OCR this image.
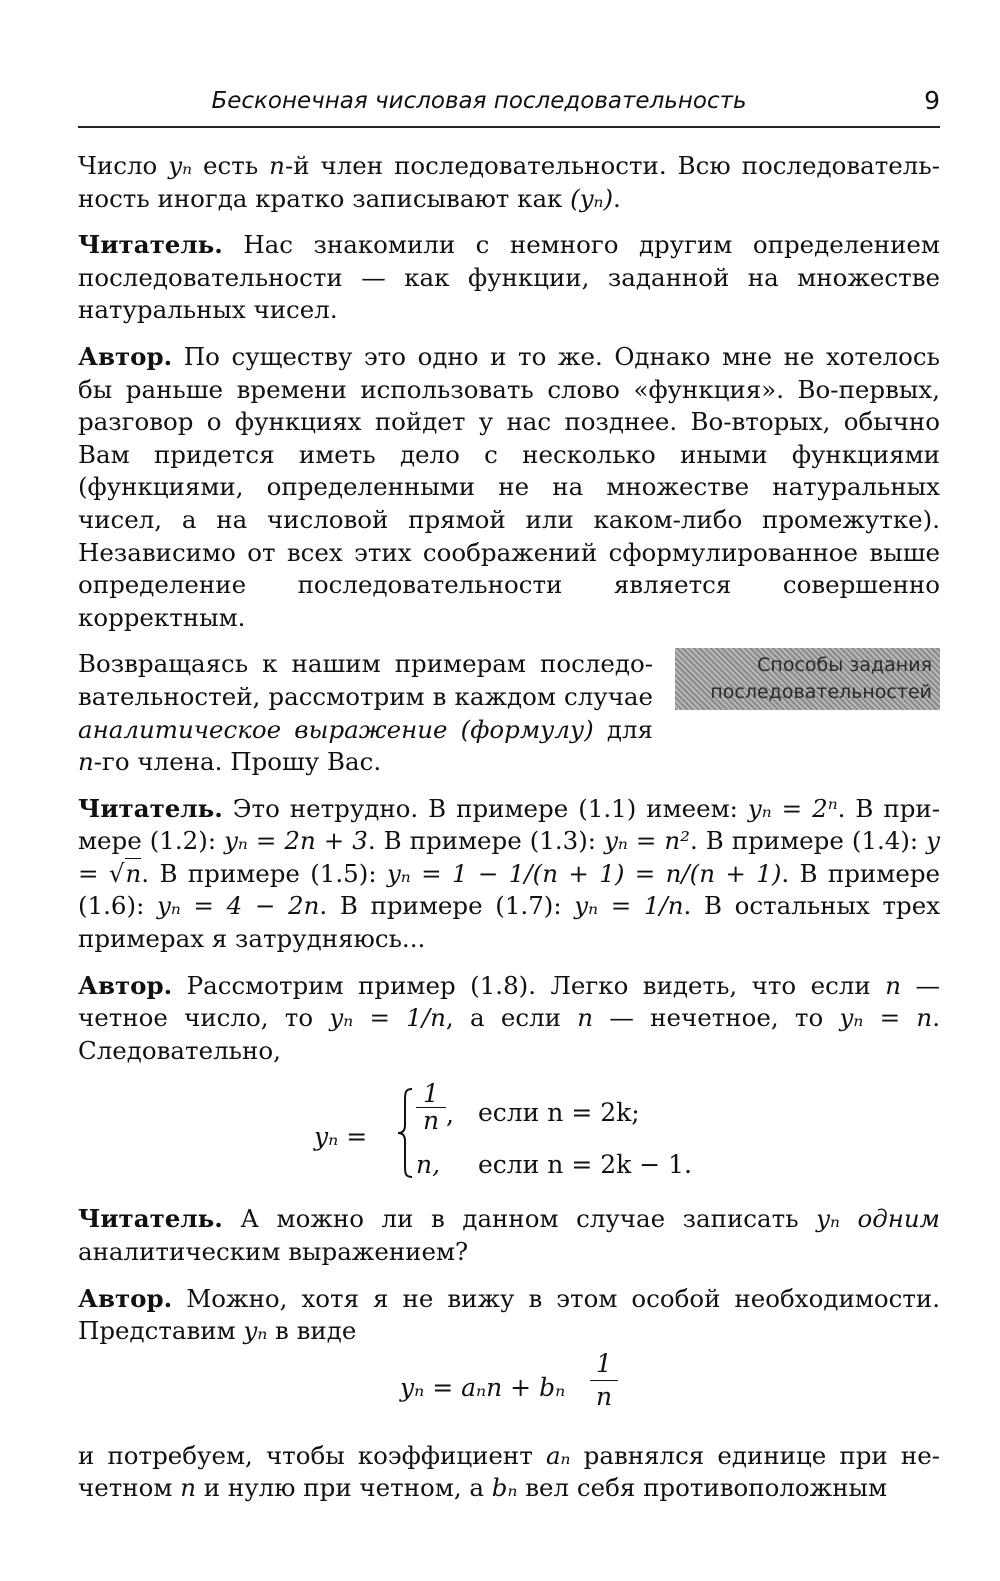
Бесконечная числовая последовательность	9

Число yₙ есть n-й член последовательности. Всю последовательность иногда кратко записывают как (yₙ).

Читатель. Нас знакомили с немного другим определением последовательности — как функции, заданной на множестве натуральных чисел.

Автор. По существу это одно и то же. Однако мне не хотелось бы раньше времени использовать слово «функция». Во-первых, разговор о функциях пойдет у нас позднее. Во-вторых, обычно Вам придется иметь дело с несколько иными функциями (функциями, определенными не на множестве натуральных чисел, а на числовой прямой или каком-либо промежутке). Независимо от всех этих соображений сформулированное выше определение последовательности является совершенно корректным.

Способы задания
последовательностей
Возвращаясь к нашим примерам последовательностей, рассмотрим в каждом случае аналитическое выражение (формулу) для n-го члена. Прошу Вас.

Читатель. Это нетрудно. В примере (1.1) имеем: yₙ = 2ⁿ. В примере (1.2): yₙ = 2n + 3. В примере (1.3): yₙ = n². В примере (1.4): y = √n. В примере (1.5): yₙ = 1 − 1/(n + 1) = n/(n + 1). В примере (1.6): yₙ = 4 − 2n. В примере (1.7): yₙ = 1/n. В остальных трех примерах я затрудняюсь...

Автор. Рассмотрим пример (1.8). Легко видеть, что если n — четное число, то yₙ = 1/n, а если n — нечетное, то yₙ = n. Следовательно,

yₙ =
$\frac{1}{n}$ , если n = 2k;
n, если n = 2k − 1.

Читатель. А можно ли в данном случае записать yₙ одним аналитическим выражением?

Автор. Можно, хотя я не вижу в этом особой необходимости. Представим yₙ в виде

yₙ = aₙn + bₙ $\frac{1}{n}$

и потребуем, чтобы коэффициент aₙ равнялся единице при нечетном n и нулю при четном, а bₙ вел себя противоположным
